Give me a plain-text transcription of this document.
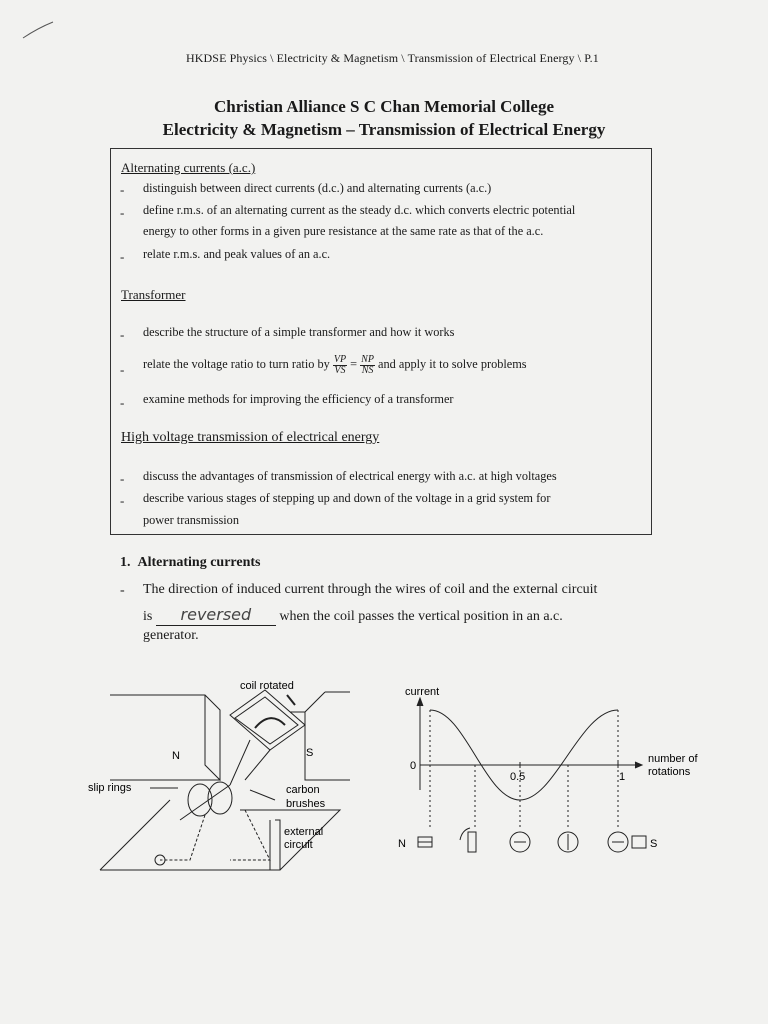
HKDSE Physics \ Electricity & Magnetism \ Transmission of Electrical Energy \ P.1
Christian Alliance S C Chan Memorial College
Electricity & Magnetism – Transmission of Electrical Energy
Alternating currents (a.c.)
- distinguish between direct currents (d.c.) and alternating currents (a.c.)
- define r.m.s. of an alternating current as the steady d.c. which converts electric potential
energy to other forms in a given pure resistance at the same rate as that of the a.c.
- relate r.m.s. and peak values of an a.c.
Transformer
- describe the structure of a simple transformer and how it works
- relate the voltage ratio to turn ratio by $\frac{VP}{VS} = \frac{NP}{NS}$ and apply it to solve problems
- examine methods for improving the efficiency of a transformer
High voltage transmission of electrical energy
- discuss the advantages of transmission of electrical energy with a.c. at high voltages
- describe various stages of stepping up and down of the voltage in a grid system for
power transmission
1. Alternating currents
- The direction of induced current through the wires of coil and the external circuit
is reversed when the coil passes the vertical position in an a.c.
generator.
coil rotated
N	S
slip rings	carbon
brushes
external
circuit
current
0
0.5	1
number of
rotations
N	S
